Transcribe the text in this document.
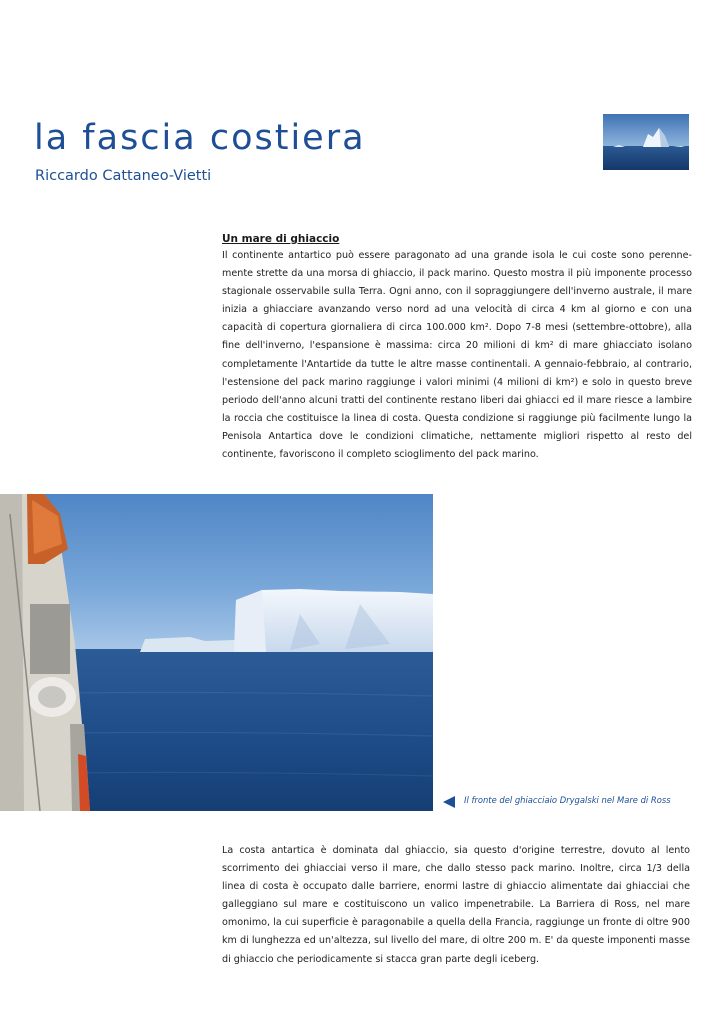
la fascia costiera

Riccardo Cattaneo-Vietti

Un mare di ghiaccio

Il continente antartico può essere paragonato ad una grande isola le cui coste sono perenne-mente strette da una morsa di ghiaccio, il pack marino. Questo mostra il più imponente processo stagionale osservabile sulla Terra. Ogni anno, con il sopraggiungere dell'inverno australe, il mare inizia a ghiacciare avanzando verso nord ad una velocità di circa 4 km al giorno e con una capacità di copertura giornaliera di circa 100.000 km². Dopo 7-8 mesi (settembre-ottobre), alla fine dell'inverno, l'espansione è massima: circa 20 milioni di km² di mare ghiacciato isolano completamente l'Antartide da tutte le altre masse continentali. A gennaio-febbraio, al contrario, l'estensione del pack marino raggiunge i valori minimi (4 milioni di km²) e solo in questo breve periodo dell'anno alcuni tratti del continente restano liberi dai ghiacci ed il mare riesce a lambire la roccia che costituisce la linea di costa. Questa condizione si raggiunge più facilmente lungo la Penisola Antartica dove le condizioni climatiche, nettamente migliori rispetto al resto del continente, favoriscono il completo scioglimento del pack marino.

Il fronte del ghiacciaio Drygalski nel Mare di Ross

La costa antartica è dominata dal ghiaccio, sia questo d'origine terrestre, dovuto al lento scorrimento dei ghiacciai verso il mare, che dallo stesso pack marino. Inoltre, circa 1/3 della linea di costa è occupato dalle barriere, enormi lastre di ghiaccio alimentate dai ghiacciai che galleggiano sul mare e costituiscono un valico impenetrabile. La Barriera di Ross, nel mare omonimo, la cui superficie è paragonabile a quella della Francia, raggiunge un fronte di oltre 900 km di lunghezza ed un'altezza, sul livello del mare, di oltre 200 m. E' da queste imponenti masse di ghiaccio che periodicamente si stacca gran parte degli iceberg.
